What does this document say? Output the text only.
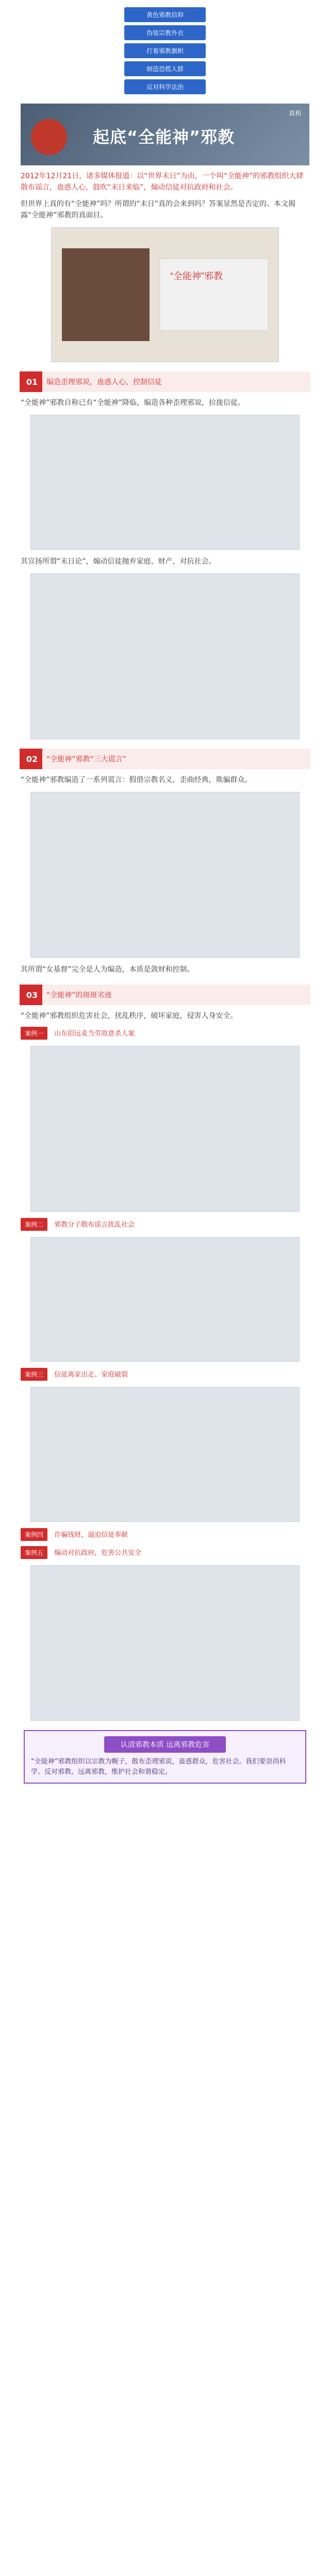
黄色邪教信仰
伪装宗教外衣
打着邪教旗帜
制造恐慌人群
反对科学法治
起底“全能神”邪教
真相

2012年12月21日，诸多媒体报道：以“世界末日”为由，一个叫“全能神”的邪教组织大肆散布谣言，蛊惑人心，鼓吹“末日来临”，煽动信徒对抗政府和社会。

但世界上真的有“全能神”吗？所谓的“末日”真的会来到吗？答案显然是否定的。本文揭露“全能神”邪教的真面目。

“全能神”邪教
01	编造歪理邪说，蛊惑人心，控制信徒

“全能神”邪教自称已有“全能神”降临，编造各种歪理邪说，拉拢信徒。

其宣扬所谓“末日论”，煽动信徒抛弃家庭、财产，对抗社会。

02	“全能神”邪教“三大谎言”

“全能神”邪教编造了一系列谎言：假借宗教名义，歪曲经典，欺骗群众。

其所谓“女基督”完全是人为编造，本质是敛财和控制。

03	“全能神”的斑斑劣迹

“全能神”邪教组织危害社会，扰乱秩序，破坏家庭，侵害人身安全。

案例一 山东招远麦当劳故意杀人案
案例二 邪教分子散布谣言扰乱社会
案例三 信徒离家出走、家庭破裂
案例四 诈骗钱财，逼迫信徒奉献
案例五 煽动对抗政府，危害公共安全
认清邪教本质 远离邪教危害
“全能神”邪教组织以宗教为幌子，散布歪理邪说，蛊惑群众，危害社会。我们要崇尚科学、反对邪教、远离邪教，维护社会和谐稳定。
